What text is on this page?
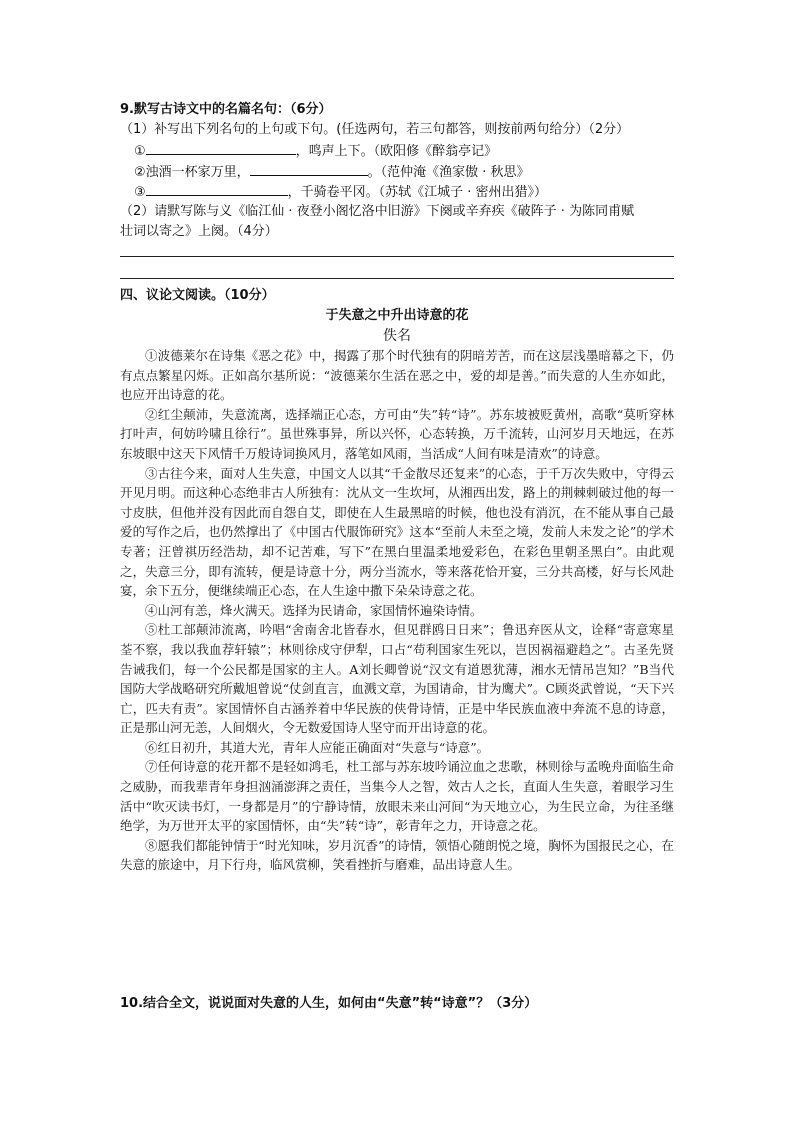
9.默写古诗文中的名篇名句：（6分）
（1）补写出下列名句的上句或下句。(任选两句，若三句都答，则按前两句给分）（2分）
①	，鸣声上下。（欧阳修《醉翁亭记》
②浊酒一杯家万里，	。（范仲淹《渔家傲 · 秋思》
③	，千骑卷平冈。（苏轼《江城子 · 密州出猎》）
（2）请默写陈与义《临江仙 · 夜登小阁忆洛中旧游》下阕或辛弃疾《破阵子 · 为陈同甫赋
壮词以寄之》上阕。（4分）
四、议论文阅读。（10分）
于失意之中升出诗意的花
佚名

①波德莱尔在诗集《恶之花》中，揭露了那个时代独有的阴暗芳苦，而在这层浅墨暗幕之下，仍有点点繁星闪烁。正如高尔基所说：“波德莱尔生活在恶之中，爱的却是善。”而失意的人生亦如此，也应开出诗意的花。

②红尘颠沛，失意流离，选择端正心态，方可由“失”转“诗”。苏东坡被贬黄州，高歌“莫听穿林打叶声，何妨吟啸且徐行”。虽世殊事异，所以兴怀，心态转换，万千流转，山河岁月天地远，在苏东坡眼中这天下风情千万般诗词换风月，落笔如风雨，当活成“人间有味是清欢”的诗意。

③古往今来，面对人生失意，中国文人以其“千金散尽还复来”的心态，于千万次失败中，守得云开见月明。而这种心态绝非古人所独有：沈从文一生坎坷，从湘西出发，路上的荆棘刺破过他的每一寸皮肤，但他并没有因此而自怨自艾，即使在人生最黑暗的时候，他也没有消沉，在不能从事自己最爱的写作之后，也仍然撑出了《中国古代服饰研究》这本“至前人未至之境，发前人未发之论”的学术专著；汪曾祺历经浩劫，却不记苦难，写下”在黑白里温柔地爱彩色，在彩色里朝圣黑白”。由此观之，失意三分，即有流转，便是诗意十分，两分当流水，等来落花恰开宴，三分共高楼，好与长风赴宴，余下五分，便继续端正心态，在人生途中撒下朵朵诗意之花。

④山河有恙，烽火满天。选择为民请命，家国情怀遍染诗情。

⑤杜工部颠沛流离，吟唱“舍南舍北皆春水，但见群鸥日日来”；鲁迅弃医从文，诠释“寄意寒星荃不察，我以我血荐轩辕”；林则徐戍守伊犁，口占“苟利国家生死以，岂因祸福避趋之”。古圣先贤告诫我们，每一个公民都是国家的主人。A刘长卿曾说“汉文有道恩犹薄，湘水无情吊岂知？”B当代国防大学战略研究所戴旭曾说“仗剑直言，血溅文章，为国请命，甘为鹰犬”。C顾炎武曾说，“天下兴亡，匹夫有责”。家国情怀自古涵养着中华民族的侠骨诗情，正是中华民族血液中奔流不息的诗意，正是那山河无恙，人间烟火，令无数爱国诗人坚守而开出诗意的花。

⑥红日初升，其道大光，青年人应能正确面对“失意与“诗意”。

⑦任何诗意的花开都不是轻如鸿毛，杜工部与苏东坡吟诵泣血之悲歌，林则徐与孟晚舟面临生命之威胁，而我辈青年身担汹涌澎湃之责任，当集今人之智，效古人之长，直面人生失意，着眼学习生活中“吹灭读书灯，一身都是月”的宁静诗情，放眼未来山河间“为天地立心，为生民立命，为往圣继绝学，为万世开太平的家国情怀，由“失”转“诗”，彰青年之力，开诗意之花。

⑧愿我们都能钟情于“时光知味，岁月沉香”的诗情，领悟心随朗悦之境，胸怀为国报民之心，在失意的旅途中，月下行舟，临风赏柳，笑看挫折与磨难，品出诗意人生。

10.结合全文，说说面对失意的人生，如何由“失意”转“诗意”？（3分）
